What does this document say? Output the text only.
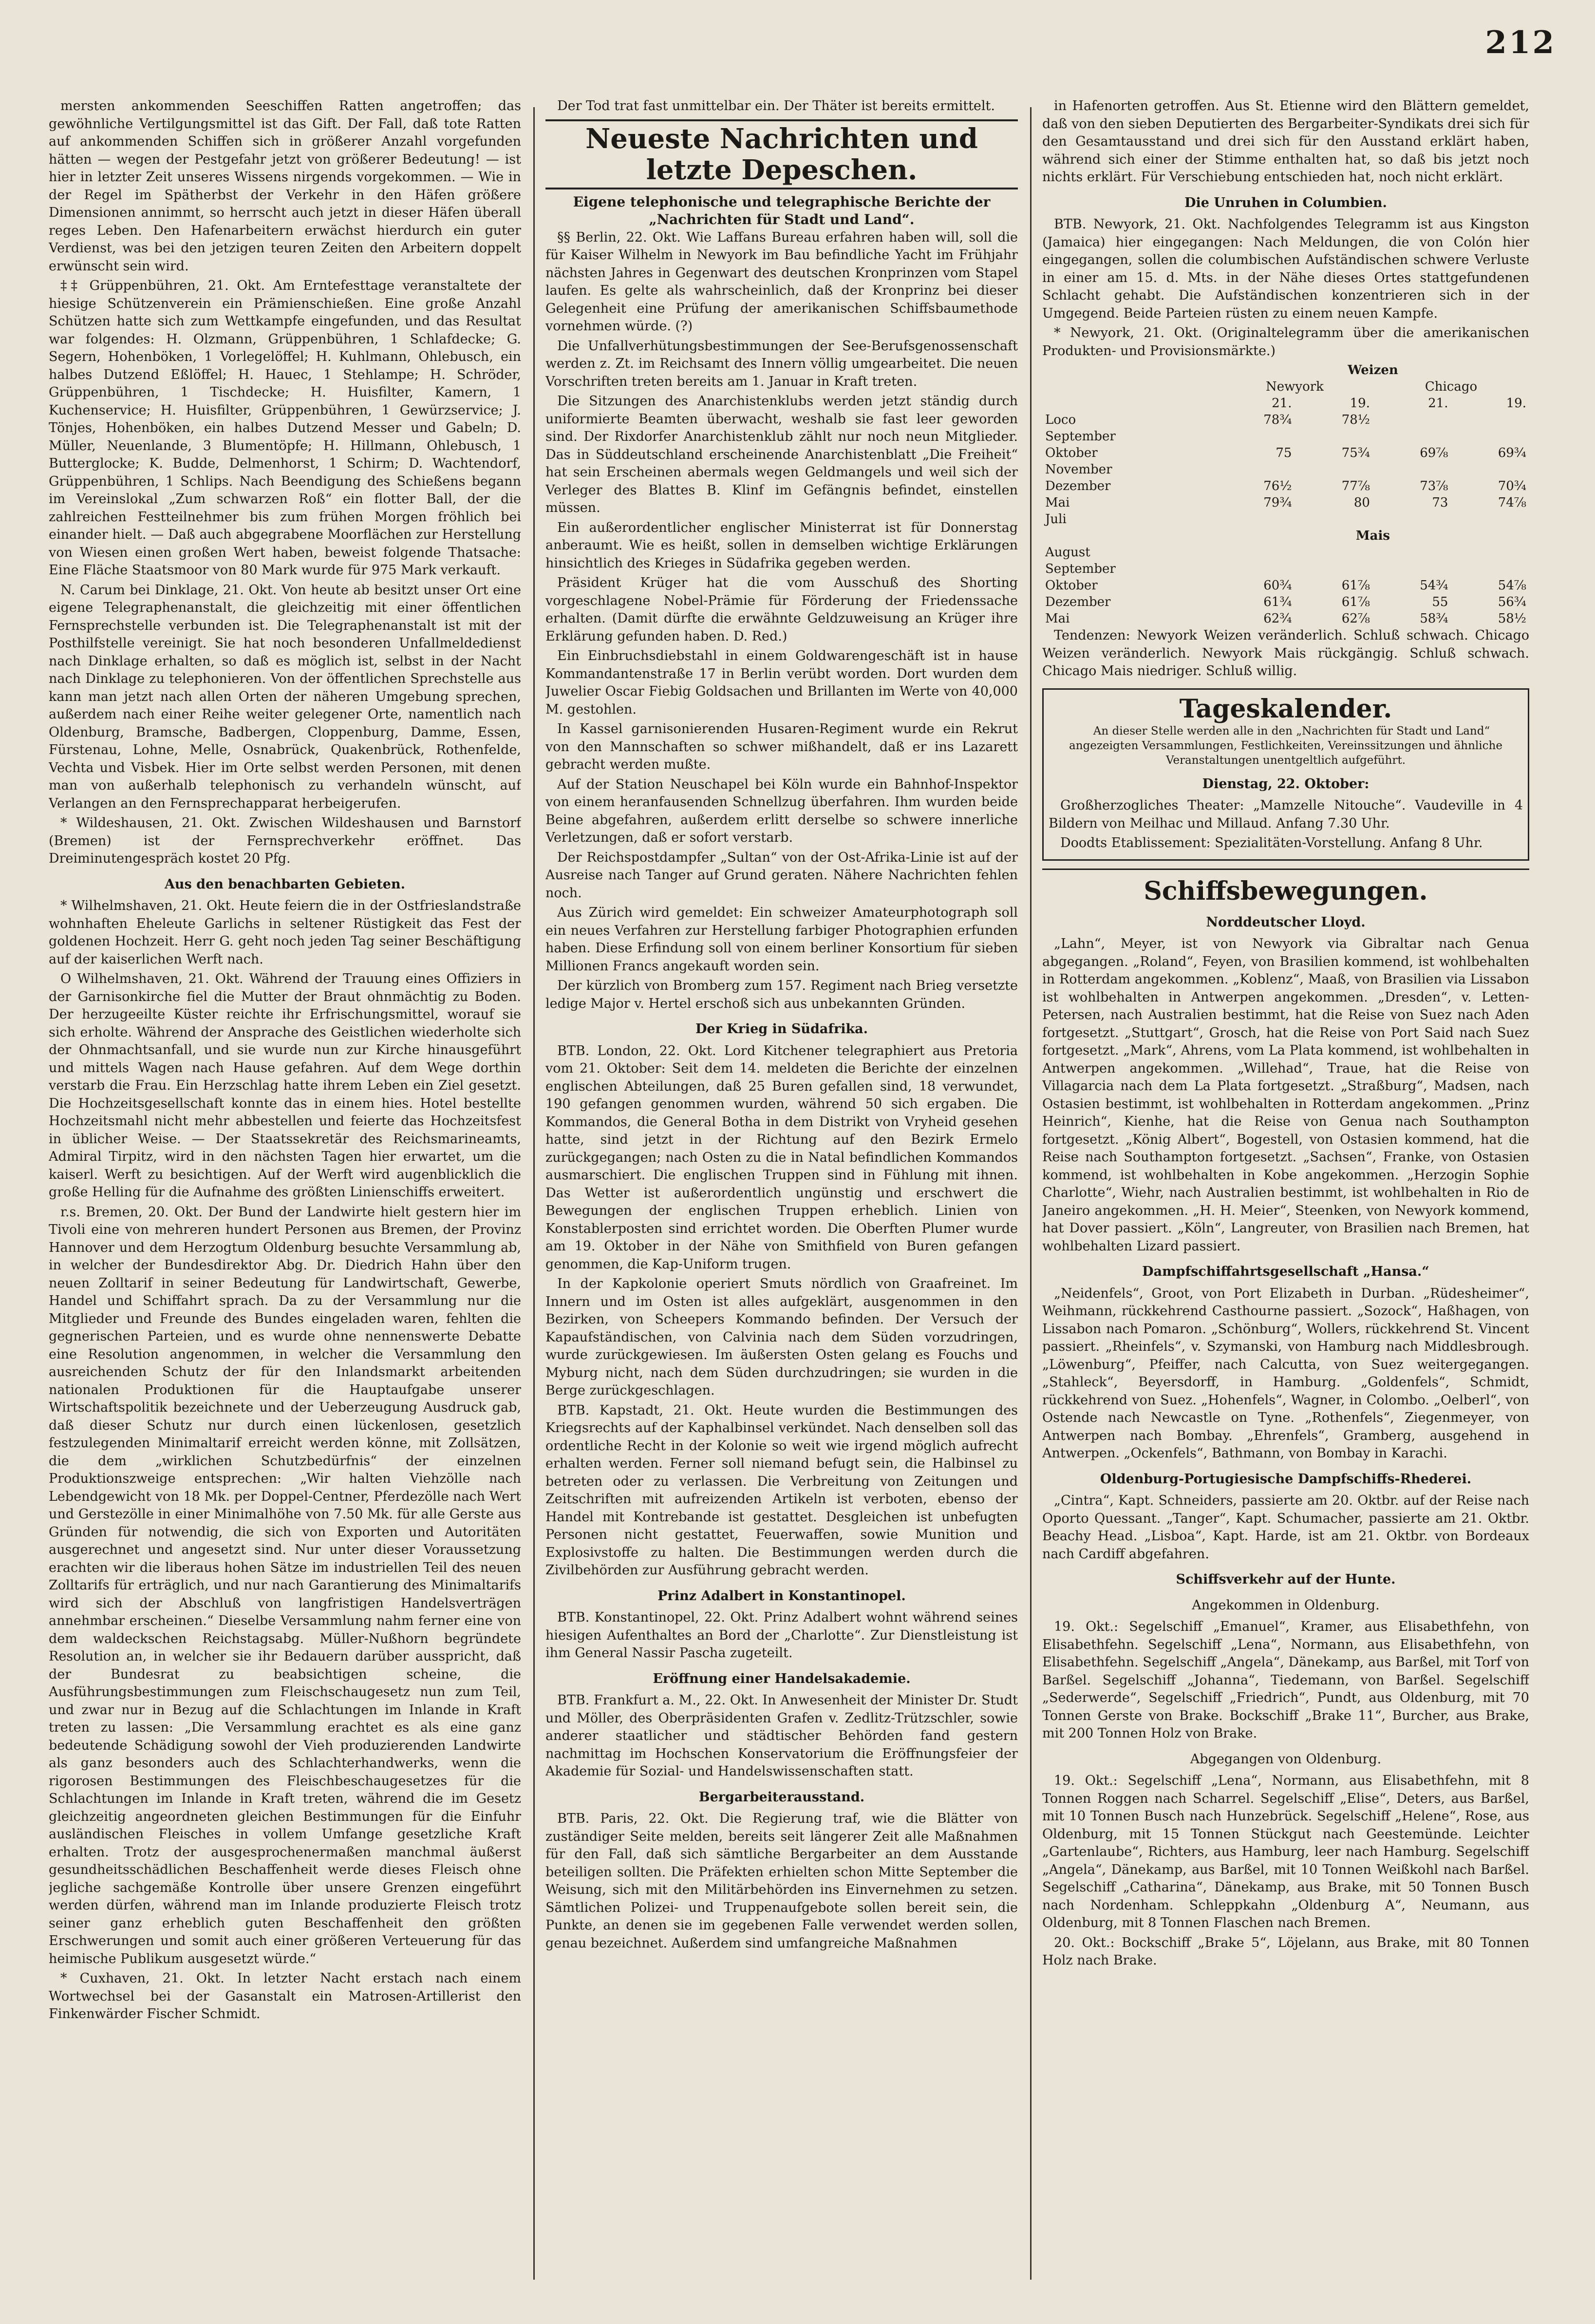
212

mersten ankommenden Seeschiffen Ratten angetroffen; das gewöhnliche Vertilgungsmittel ist das Gift. Der Fall, daß tote Ratten auf ankommenden Schiffen sich in größerer Anzahl vorgefunden hätten — wegen der Pestgefahr jetzt von größerer Bedeutung! — ist hier in letzter Zeit unseres Wissens nirgends vorgekommen. — Wie in der Regel im Spätherbst der Verkehr in den Häfen größere Dimensionen annimmt, so herrscht auch jetzt in dieser Häfen überall reges Leben. Den Hafenarbeitern erwächst hierdurch ein guter Verdienst, was bei den jetzigen teuren Zeiten den Arbeitern doppelt erwünscht sein wird.

‡‡ Grüppenbühren, 21. Okt. Am Erntefesttage veranstaltete der hiesige Schützenverein ein Prämienschießen. Eine große Anzahl Schützen hatte sich zum Wettkampfe eingefunden, und das Resultat war folgendes: H. Olzmann, Grüppenbühren, 1 Schlafdecke; G. Segern, Hohenböken, 1 Vorlegelöffel; H. Kuhlmann, Ohlebusch, ein halbes Dutzend Eßlöffel; H. Hauec, 1 Stehlampe; H. Schröder, Grüppenbühren, 1 Tischdecke; H. Huisfilter, Kamern, 1 Kuchenservice; H. Huisfilter, Grüppenbühren, 1 Gewürzservice; J. Tönjes, Hohenböken, ein halbes Dutzend Messer und Gabeln; D. Müller, Neuenlande, 3 Blumentöpfe; H. Hillmann, Ohlebusch, 1 Butterglocke; K. Budde, Delmenhorst, 1 Schirm; D. Wachtendorf, Grüppenbühren, 1 Schlips. Nach Beendigung des Schießens begann im Vereinslokal „Zum schwarzen Roß“ ein flotter Ball, der die zahlreichen Festteilnehmer bis zum frühen Morgen fröhlich bei einander hielt. — Daß auch abgegrabene Moorflächen zur Herstellung von Wiesen einen großen Wert haben, beweist folgende Thatsache: Eine Fläche Staatsmoor von 80 Mark wurde für 975 Mark verkauft.

N. Carum bei Dinklage, 21. Okt. Von heute ab besitzt unser Ort eine eigene Telegraphenanstalt, die gleichzeitig mit einer öffentlichen Fernsprechstelle verbunden ist. Die Telegraphenanstalt ist mit der Posthilfstelle vereinigt. Sie hat noch besonderen Unfallmeldedienst nach Dinklage erhalten, so daß es möglich ist, selbst in der Nacht nach Dinklage zu telephonieren. Von der öffentlichen Sprechstelle aus kann man jetzt nach allen Orten der näheren Umgebung sprechen, außerdem nach einer Reihe weiter gelegener Orte, namentlich nach Oldenburg, Bramsche, Badbergen, Cloppenburg, Damme, Essen, Fürstenau, Lohne, Melle, Osnabrück, Quakenbrück, Rothenfelde, Vechta und Visbek. Hier im Orte selbst werden Personen, mit denen man von außerhalb telephonisch zu verhandeln wünscht, auf Verlangen an den Fernsprechapparat herbeigerufen.

* Wildeshausen, 21. Okt. Zwischen Wildeshausen und Barnstorf (Bremen) ist der Fernsprechverkehr eröffnet. Das Dreiminutengespräch kostet 20 Pfg.

Aus den benachbarten Gebieten.

* Wilhelmshaven, 21. Okt. Heute feiern die in der Ostfrieslandstraße wohnhaften Eheleute Garlichs in seltener Rüstigkeit das Fest der goldenen Hochzeit. Herr G. geht noch jeden Tag seiner Beschäftigung auf der kaiserlichen Werft nach.

O Wilhelmshaven, 21. Okt. Während der Trauung eines Offiziers in der Garnisonkirche fiel die Mutter der Braut ohnmächtig zu Boden. Der herzugeeilte Küster reichte ihr Erfrischungsmittel, worauf sie sich erholte. Während der Ansprache des Geistlichen wiederholte sich der Ohnmachtsanfall, und sie wurde nun zur Kirche hinausgeführt und mittels Wagen nach Hause gefahren. Auf dem Wege dorthin verstarb die Frau. Ein Herzschlag hatte ihrem Leben ein Ziel gesetzt. Die Hochzeitsgesellschaft konnte das in einem hies. Hotel bestellte Hochzeitsmahl nicht mehr abbestellen und feierte das Hochzeitsfest in üblicher Weise. — Der Staatssekretär des Reichsmarineamts, Admiral Tirpitz, wird in den nächsten Tagen hier erwartet, um die kaiserl. Werft zu besichtigen. Auf der Werft wird augenblicklich die große Helling für die Aufnahme des größten Linienschiffs erweitert.

r.s. Bremen, 20. Okt. Der Bund der Landwirte hielt gestern hier im Tivoli eine von mehreren hundert Personen aus Bremen, der Provinz Hannover und dem Herzogtum Oldenburg besuchte Versammlung ab, in welcher der Bundesdirektor Abg. Dr. Diedrich Hahn über den neuen Zolltarif in seiner Bedeutung für Landwirtschaft, Gewerbe, Handel und Schiffahrt sprach. Da zu der Versammlung nur die Mitglieder und Freunde des Bundes eingeladen waren, fehlten die gegnerischen Parteien, und es wurde ohne nennenswerte Debatte eine Resolution angenommen, in welcher die Versammlung den ausreichenden Schutz der für den Inlandsmarkt arbeitenden nationalen Produktionen für die Hauptaufgabe unserer Wirtschaftspolitik bezeichnete und der Ueberzeugung Ausdruck gab, daß dieser Schutz nur durch einen lückenlosen, gesetzlich festzulegenden Minimaltarif erreicht werden könne, mit Zollsätzen, die dem „wirklichen Schutzbedürfnis“ der einzelnen Produktionszweige entsprechen: „Wir halten Viehzölle nach Lebendgewicht von 18 Mk. per Doppel-Centner, Pferdezölle nach Wert und Gerstezölle in einer Minimalhöhe von 7.50 Mk. für alle Gerste aus Gründen für notwendig, die sich von Exporten und Autoritäten ausgerechnet und angesetzt sind. Nur unter dieser Voraussetzung erachten wir die liberaus hohen Sätze im industriellen Teil des neuen Zolltarifs für erträglich, und nur nach Garantierung des Minimaltarifs wird sich der Abschluß von langfristigen Handelsverträgen annehmbar erscheinen.“ Dieselbe Versammlung nahm ferner eine von dem waldeckschen Reichstagsabg. Müller-Nußhorn begründete Resolution an, in welcher sie ihr Bedauern darüber ausspricht, daß der Bundesrat zu beabsichtigen scheine, die Ausführungsbestimmungen zum Fleischschaugesetz nun zum Teil, und zwar nur in Bezug auf die Schlachtungen im Inlande in Kraft treten zu lassen: „Die Versammlung erachtet es als eine ganz bedeutende Schädigung sowohl der Vieh produzierenden Landwirte als ganz besonders auch des Schlachterhandwerks, wenn die rigorosen Bestimmungen des Fleischbeschaugesetzes für die Schlachtungen im Inlande in Kraft treten, während die im Gesetz gleichzeitig angeordneten gleichen Bestimmungen für die Einfuhr ausländischen Fleisches in vollem Umfange gesetzliche Kraft erhalten. Trotz der ausgesprochenermaßen manchmal äußerst gesundheitsschädlichen Beschaffenheit werde dieses Fleisch ohne jegliche sachgemäße Kontrolle über unsere Grenzen eingeführt werden dürfen, während man im Inlande produzierte Fleisch trotz seiner ganz erheblich guten Beschaffenheit den größten Erschwerungen und somit auch einer größeren Verteuerung für das heimische Publikum ausgesetzt würde.“

* Cuxhaven, 21. Okt. In letzter Nacht erstach nach einem Wortwechsel bei der Gasanstalt ein Matrosen-Artillerist den Finkenwärder Fischer Schmidt.

Der Tod trat fast unmittelbar ein. Der Thäter ist bereits ermittelt.

Neueste Nachrichten und letzte Depeschen.
Eigene telephonische und telegraphische Berichte der „Nachrichten für Stadt und Land“.

§§ Berlin, 22. Okt. Wie Laffans Bureau erfahren haben will, soll die für Kaiser Wilhelm in Newyork im Bau befindliche Yacht im Frühjahr nächsten Jahres in Gegenwart des deutschen Kronprinzen vom Stapel laufen. Es gelte als wahrscheinlich, daß der Kronprinz bei dieser Gelegenheit eine Prüfung der amerikanischen Schiffsbaumethode vornehmen würde. (?)

Die Unfallverhütungsbestimmungen der See-Berufsgenossenschaft werden z. Zt. im Reichsamt des Innern völlig umgearbeitet. Die neuen Vorschriften treten bereits am 1. Januar in Kraft treten.

Die Sitzungen des Anarchistenklubs werden jetzt ständig durch uniformierte Beamten überwacht, weshalb sie fast leer geworden sind. Der Rixdorfer Anarchistenklub zählt nur noch neun Mitglieder. Das in Süddeutschland erscheinende Anarchistenblatt „Die Freiheit“ hat sein Erscheinen abermals wegen Geldmangels und weil sich der Verleger des Blattes B. Klinf im Gefängnis befindet, einstellen müssen.

Ein außerordentlicher englischer Ministerrat ist für Donnerstag anberaumt. Wie es heißt, sollen in demselben wichtige Erklärungen hinsichtlich des Krieges in Südafrika gegeben werden.

Präsident Krüger hat die vom Ausschuß des Shorting vorgeschlagene Nobel-Prämie für Förderung der Friedenssache erhalten. (Damit dürfte die erwähnte Geldzuweisung an Krüger ihre Erklärung gefunden haben. D. Red.)

Ein Einbruchsdiebstahl in einem Goldwarengeschäft ist in hause Kommandantenstraße 17 in Berlin verübt worden. Dort wurden dem Juwelier Oscar Fiebig Goldsachen und Brillanten im Werte von 40,000 M. gestohlen.

In Kassel garnisonierenden Husaren-Regiment wurde ein Rekrut von den Mannschaften so schwer mißhandelt, daß er ins Lazarett gebracht werden mußte.

Auf der Station Neuschapel bei Köln wurde ein Bahnhof-Inspektor von einem heranfausenden Schnellzug überfahren. Ihm wurden beide Beine abgefahren, außerdem erlitt derselbe so schwere innerliche Verletzungen, daß er sofort verstarb.

Der Reichspostdampfer „Sultan“ von der Ost-Afrika-Linie ist auf der Ausreise nach Tanger auf Grund geraten. Nähere Nachrichten fehlen noch.

Aus Zürich wird gemeldet: Ein schweizer Amateurphotograph soll ein neues Verfahren zur Herstellung farbiger Photographien erfunden haben. Diese Erfindung soll von einem berliner Konsortium für sieben Millionen Francs angekauft worden sein.

Der kürzlich von Bromberg zum 157. Regiment nach Brieg versetzte ledige Major v. Hertel erschoß sich aus unbekannten Gründen.

Der Krieg in Südafrika.

BTB. London, 22. Okt. Lord Kitchener telegraphiert aus Pretoria vom 21. Oktober: Seit dem 14. meldeten die Berichte der einzelnen englischen Abteilungen, daß 25 Buren gefallen sind, 18 verwundet, 190 gefangen genommen wurden, während 50 sich ergaben. Die Kommandos, die General Botha in dem Distrikt von Vryheid gesehen hatte, sind jetzt in der Richtung auf den Bezirk Ermelo zurückgegangen; nach Osten zu die in Natal befindlichen Kommandos ausmarschiert. Die englischen Truppen sind in Fühlung mit ihnen. Das Wetter ist außerordentlich ungünstig und erschwert die Bewegungen der englischen Truppen erheblich. Linien von Konstablerposten sind errichtet worden. Die Oberften Plumer wurde am 19. Oktober in der Nähe von Smithfield von Buren gefangen genommen, die Kap-Uniform trugen.

In der Kapkolonie operiert Smuts nördlich von Graafreinet. Im Innern und im Osten ist alles aufgeklärt, ausgenommen in den Bezirken, von Scheepers Kommando befinden. Der Versuch der Kapaufständischen, von Calvinia nach dem Süden vorzudringen, wurde zurückgewiesen. Im äußersten Osten gelang es Fouchs und Myburg nicht, nach dem Süden durchzudringen; sie wurden in die Berge zurückgeschlagen.

BTB. Kapstadt, 21. Okt. Heute wurden die Bestimmungen des Kriegsrechts auf der Kaphalbinsel verkündet. Nach denselben soll das ordentliche Recht in der Kolonie so weit wie irgend möglich aufrecht erhalten werden. Ferner soll niemand befugt sein, die Halbinsel zu betreten oder zu verlassen. Die Verbreitung von Zeitungen und Zeitschriften mit aufreizenden Artikeln ist verboten, ebenso der Handel mit Kontrebande ist gestattet. Desgleichen ist unbefugten Personen nicht gestattet, Feuerwaffen, sowie Munition und Explosivstoffe zu halten. Die Bestimmungen werden durch die Zivilbehörden zur Ausführung gebracht werden.

Prinz Adalbert in Konstantinopel.

BTB. Konstantinopel, 22. Okt. Prinz Adalbert wohnt während seines hiesigen Aufenthaltes an Bord der „Charlotte“. Zur Dienstleistung ist ihm General Nassir Pascha zugeteilt.

Eröffnung einer Handelsakademie.

BTB. Frankfurt a. M., 22. Okt. In Anwesenheit der Minister Dr. Studt und Möller, des Oberpräsidenten Grafen v. Zedlitz-Trützschler, sowie anderer staatlicher und städtischer Behörden fand gestern nachmittag im Hochschen Konservatorium die Eröffnungsfeier der Akademie für Sozial- und Handelswissenschaften statt.

Bergarbeiterausstand.

BTB. Paris, 22. Okt. Die Regierung traf, wie die Blätter von zuständiger Seite melden, bereits seit längerer Zeit alle Maßnahmen für den Fall, daß sich sämtliche Bergarbeiter an dem Ausstande beteiligen sollten. Die Präfekten erhielten schon Mitte September die Weisung, sich mit den Militärbehörden ins Einvernehmen zu setzen. Sämtlichen Polizei- und Truppenaufgebote sollen bereit sein, die Punkte, an denen sie im gegebenen Falle verwendet werden sollen, genau bezeichnet. Außerdem sind umfangreiche Maßnahmen

in Hafenorten getroffen. Aus St. Etienne wird den Blättern gemeldet, daß von den sieben Deputierten des Bergarbeiter-Syndikats drei sich für den Gesamtausstand und drei sich für den Ausstand erklärt haben, während sich einer der Stimme enthalten hat, so daß bis jetzt noch nichts erklärt. Für Verschiebung entschieden hat, noch nicht erklärt.

Die Unruhen in Columbien.

BTB. Newyork, 21. Okt. Nachfolgendes Telegramm ist aus Kingston (Jamaica) hier eingegangen: Nach Meldungen, die von Colón hier eingegangen, sollen die columbischen Aufständischen schwere Verluste in einer am 15. d. Mts. in der Nähe dieses Ortes stattgefundenen Schlacht gehabt. Die Aufständischen konzentrieren sich in der Umgegend. Beide Parteien rüsten zu einem neuen Kampfe.

* Newyork, 21. Okt. (Originaltelegramm über die amerikanischen Produkten- und Provisionsmärkte.)

	Weizen			
	Newyork		Chicago	
	21.	19.	21.	19.
Loco	78¾	78½		
September				
Oktober	75	75¾	69⅞	69¾
November				
Dezember	76½	77⅞	73⅞	70¾
Mai	79¾	80	73	74⅞
Juli				
	Mais			
August				
September				
Oktober	60¾	61⅞	54¾	54⅞
Dezember	61¾	61⅞	55	56¾
Mai	62¾	62⅞	58¾	58½

Tendenzen: Newyork Weizen veränderlich. Schluß schwach. Chicago Weizen veränderlich. Newyork Mais rückgängig. Schluß schwach. Chicago Mais niedriger. Schluß willig.

Tageskalender.

An dieser Stelle werden alle in den „Nachrichten für Stadt und Land“ angezeigten Versammlungen, Festlichkeiten, Vereinssitzungen und ähnliche Veranstaltungen unentgeltlich aufgeführt.

Dienstag, 22. Oktober:

Großherzogliches Theater: „Mamzelle Nitouche“. Vaudeville in 4 Bildern von Meilhac und Millaud. Anfang 7.30 Uhr.

Doodts Etablissement: Spezialitäten-Vorstellung. Anfang 8 Uhr.

Schiffsbewegungen.
Norddeutscher Lloyd.

„Lahn“, Meyer, ist von Newyork via Gibraltar nach Genua abgegangen. „Roland“, Feyen, von Brasilien kommend, ist wohlbehalten in Rotterdam angekommen. „Koblenz“, Maaß, von Brasilien via Lissabon ist wohlbehalten in Antwerpen angekommen. „Dresden“, v. Letten-Petersen, nach Australien bestimmt, hat die Reise von Suez nach Aden fortgesetzt. „Stuttgart“, Grosch, hat die Reise von Port Said nach Suez fortgesetzt. „Mark“, Ahrens, vom La Plata kommend, ist wohlbehalten in Antwerpen angekommen. „Willehad“, Traue, hat die Reise von Villagarcia nach dem La Plata fortgesetzt. „Straßburg“, Madsen, nach Ostasien bestimmt, ist wohlbehalten in Rotterdam angekommen. „Prinz Heinrich“, Kienhe, hat die Reise von Genua nach Southampton fortgesetzt. „König Albert“, Bogestell, von Ostasien kommend, hat die Reise nach Southampton fortgesetzt. „Sachsen“, Franke, von Ostasien kommend, ist wohlbehalten in Kobe angekommen. „Herzogin Sophie Charlotte“, Wiehr, nach Australien bestimmt, ist wohlbehalten in Rio de Janeiro angekommen. „H. H. Meier“, Steenken, von Newyork kommend, hat Dover passiert. „Köln“, Langreuter, von Brasilien nach Bremen, hat wohlbehalten Lizard passiert.

Dampfschiffahrtsgesellschaft „Hansa.“

„Neidenfels“, Groot, von Port Elizabeth in Durban. „Rüdesheimer“, Weihmann, rückkehrend Casthourne passiert. „Sozock“, Haßhagen, von Lissabon nach Pomaron. „Schönburg“, Wollers, rückkehrend St. Vincent passiert. „Rheinfels“, v. Szymanski, von Hamburg nach Middlesbrough. „Löwenburg“, Pfeiffer, nach Calcutta, von Suez weitergegangen. „Stahleck“, Beyersdorff, in Hamburg. „Goldenfels“, Schmidt, rückkehrend von Suez. „Hohenfels“, Wagner, in Colombo. „Oelberl“, von Ostende nach Newcastle on Tyne. „Rothenfels“, Ziegenmeyer, von Antwerpen nach Bombay. „Ehrenfels“, Gramberg, ausgehend in Antwerpen. „Ockenfels“, Bathmann, von Bombay in Karachi.

Oldenburg-Portugiesische Dampfschiffs-Rhederei.

„Cintra“, Kapt. Schneiders, passierte am 20. Oktbr. auf der Reise nach Oporto Quessant. „Tanger“, Kapt. Schumacher, passierte am 21. Oktbr. Beachy Head. „Lisboa“, Kapt. Harde, ist am 21. Oktbr. von Bordeaux nach Cardiff abgefahren.

Schiffsverkehr auf der Hunte.
Angekommen in Oldenburg.

19. Okt.: Segelschiff „Emanuel“, Kramer, aus Elisabethfehn, von Elisabethfehn. Segelschiff „Lena“, Normann, aus Elisabethfehn, von Elisabethfehn. Segelschiff „Angela“, Dänekamp, aus Barßel, mit Torf von Barßel. Segelschiff „Johanna“, Tiedemann, von Barßel. Segelschiff „Sederwerde“, Segelschiff „Friedrich“, Pundt, aus Oldenburg, mit 70 Tonnen Gerste von Brake. Bockschiff „Brake 11“, Burcher, aus Brake, mit 200 Tonnen Holz von Brake.

Abgegangen von Oldenburg.

19. Okt.: Segelschiff „Lena“, Normann, aus Elisabethfehn, mit 8 Tonnen Roggen nach Scharrel. Segelschiff „Elise“, Deters, aus Barßel, mit 10 Tonnen Busch nach Hunzebrück. Segelschiff „Helene“, Rose, aus Oldenburg, mit 15 Tonnen Stückgut nach Geestemünde. Leichter „Gartenlaube“, Richters, aus Hamburg, leer nach Hamburg. Segelschiff „Angela“, Dänekamp, aus Barßel, mit 10 Tonnen Weißkohl nach Barßel. Segelschiff „Catharina“, Dänekamp, aus Brake, mit 50 Tonnen Busch nach Nordenham. Schleppkahn „Oldenburg A“, Neumann, aus Oldenburg, mit 8 Tonnen Flaschen nach Bremen.

20. Okt.: Bockschiff „Brake 5“, Löjelann, aus Brake, mit 80 Tonnen Holz nach Brake.
